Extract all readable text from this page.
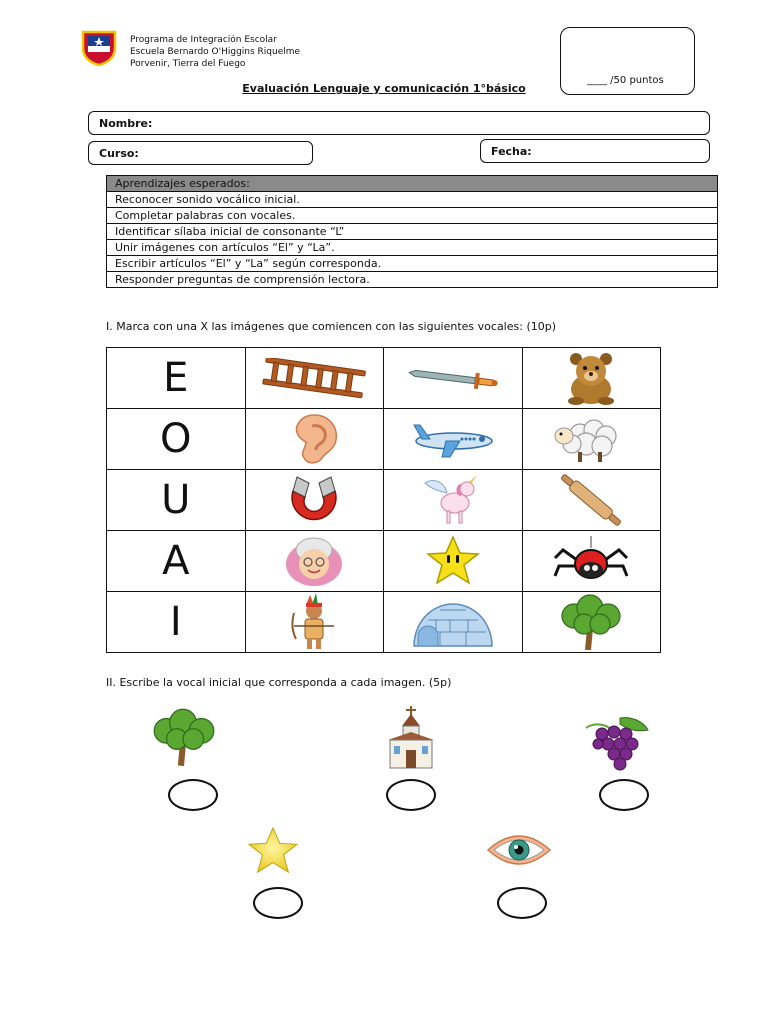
Programa de Integración Escolar
Escuela Bernardo O'Higgins Riquelme
Porvenir, Tierra del Fuego
____ /50 puntos
Evaluación Lenguaje y comunicación 1°básico
Nombre:
Curso:	Fecha:
Aprendizajes esperados:
Reconocer sonido vocálico inicial.
Completar palabras con vocales.
Identificar sílaba inicial de consonante “L”
Unir imágenes con artículos “El” y “La”.
Escribir artículos “El” y “La” según corresponda.
Responder preguntas de comprensión lectora.
I. Marca con una X las imágenes que comiencen con las siguientes vocales: (10p)
E	

O	

U	

A	

I	

II. Escribe la vocal inicial que corresponda a cada imagen. (5p)
